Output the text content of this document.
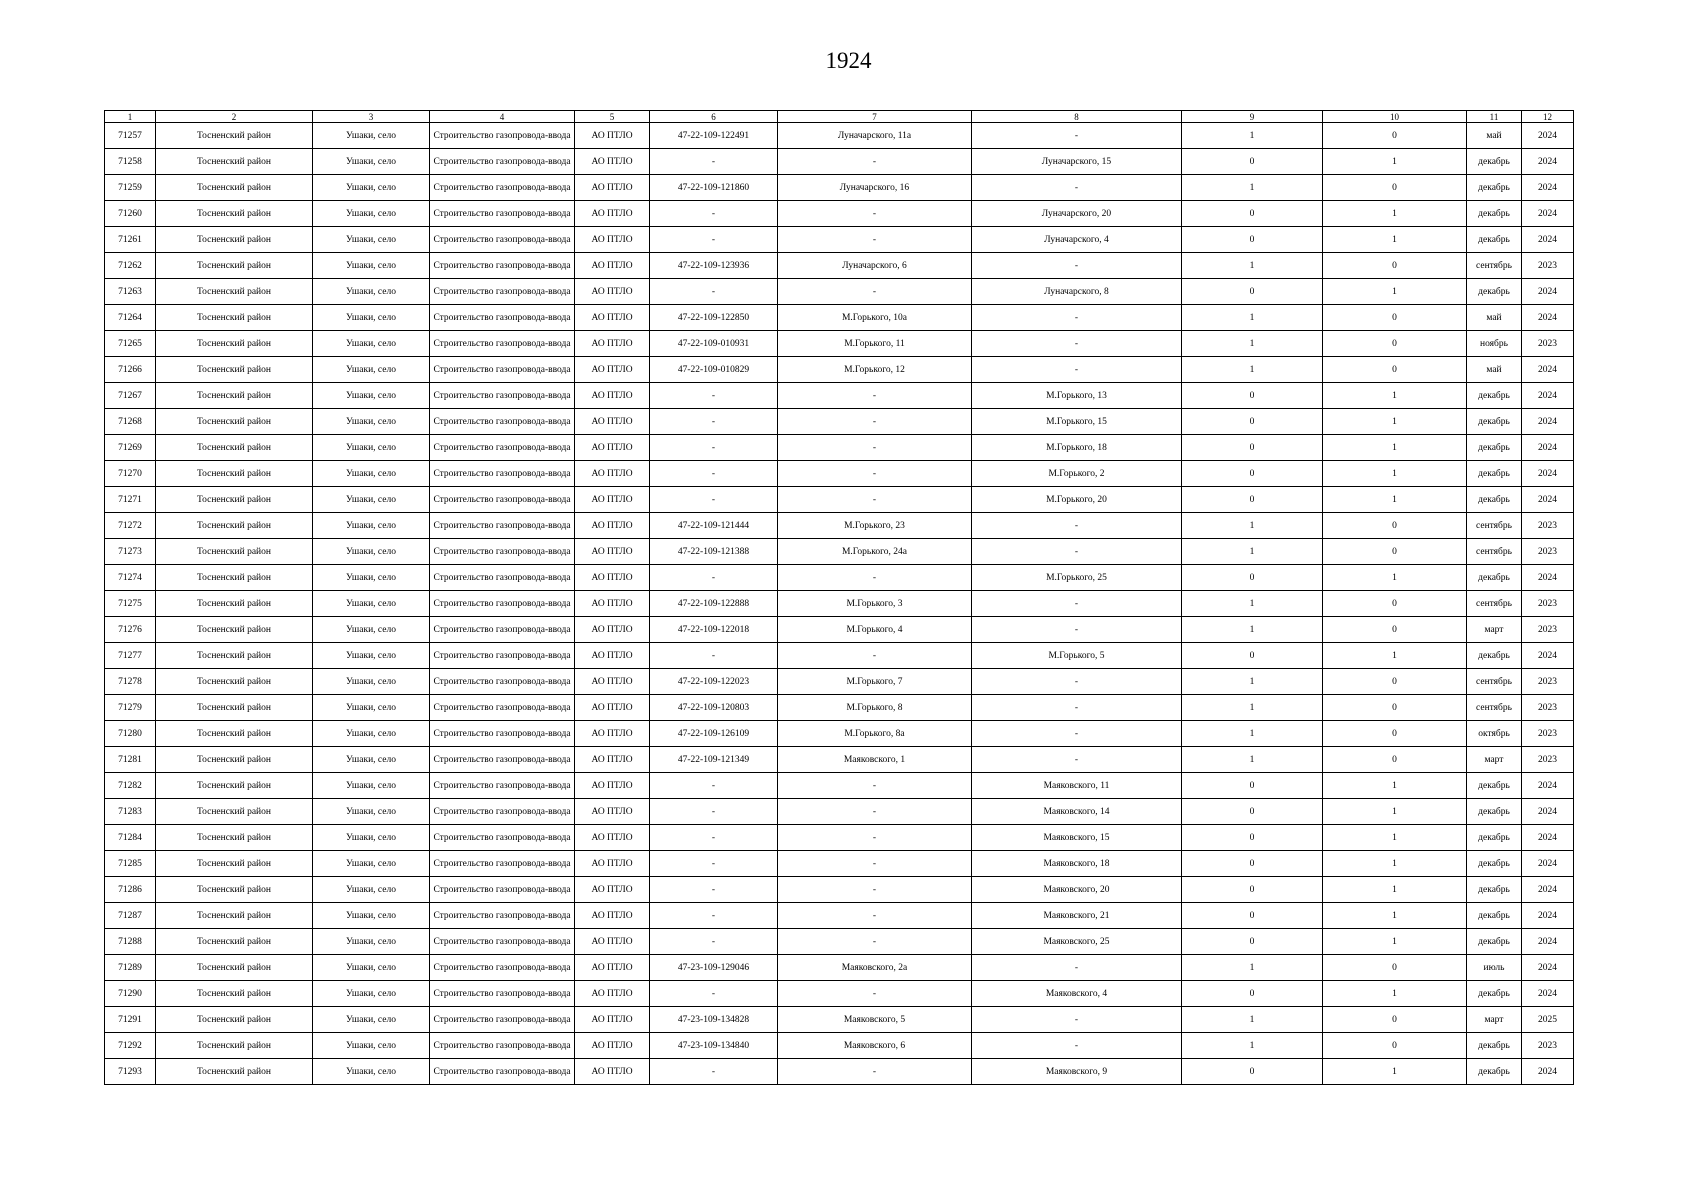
1924
1	2	3	4	5	6	7	8	9	10	11	12
71257	Тосненский район	Ушаки, село	Строительство газопровода-ввода	АО ПТЛО	47-22-109-122491	Луначарского, 11а	-	1	0	май	2024
71258	Тосненский район	Ушаки, село	Строительство газопровода-ввода	АО ПТЛО	-	-	Луначарского, 15	0	1	декабрь	2024
71259	Тосненский район	Ушаки, село	Строительство газопровода-ввода	АО ПТЛО	47-22-109-121860	Луначарского, 16	-	1	0	декабрь	2024
71260	Тосненский район	Ушаки, село	Строительство газопровода-ввода	АО ПТЛО	-	-	Луначарского, 20	0	1	декабрь	2024
71261	Тосненский район	Ушаки, село	Строительство газопровода-ввода	АО ПТЛО	-	-	Луначарского, 4	0	1	декабрь	2024
71262	Тосненский район	Ушаки, село	Строительство газопровода-ввода	АО ПТЛО	47-22-109-123936	Луначарского, 6	-	1	0	сентябрь	2023
71263	Тосненский район	Ушаки, село	Строительство газопровода-ввода	АО ПТЛО	-	-	Луначарского, 8	0	1	декабрь	2024
71264	Тосненский район	Ушаки, село	Строительство газопровода-ввода	АО ПТЛО	47-22-109-122850	М.Горького, 10а	-	1	0	май	2024
71265	Тосненский район	Ушаки, село	Строительство газопровода-ввода	АО ПТЛО	47-22-109-010931	М.Горького, 11	-	1	0	ноябрь	2023
71266	Тосненский район	Ушаки, село	Строительство газопровода-ввода	АО ПТЛО	47-22-109-010829	М.Горького, 12	-	1	0	май	2024
71267	Тосненский район	Ушаки, село	Строительство газопровода-ввода	АО ПТЛО	-	-	М.Горького, 13	0	1	декабрь	2024
71268	Тосненский район	Ушаки, село	Строительство газопровода-ввода	АО ПТЛО	-	-	М.Горького, 15	0	1	декабрь	2024
71269	Тосненский район	Ушаки, село	Строительство газопровода-ввода	АО ПТЛО	-	-	М.Горького, 18	0	1	декабрь	2024
71270	Тосненский район	Ушаки, село	Строительство газопровода-ввода	АО ПТЛО	-	-	М.Горького, 2	0	1	декабрь	2024
71271	Тосненский район	Ушаки, село	Строительство газопровода-ввода	АО ПТЛО	-	-	М.Горького, 20	0	1	декабрь	2024
71272	Тосненский район	Ушаки, село	Строительство газопровода-ввода	АО ПТЛО	47-22-109-121444	М.Горького, 23	-	1	0	сентябрь	2023
71273	Тосненский район	Ушаки, село	Строительство газопровода-ввода	АО ПТЛО	47-22-109-121388	М.Горького, 24а	-	1	0	сентябрь	2023
71274	Тосненский район	Ушаки, село	Строительство газопровода-ввода	АО ПТЛО	-	-	М.Горького, 25	0	1	декабрь	2024
71275	Тосненский район	Ушаки, село	Строительство газопровода-ввода	АО ПТЛО	47-22-109-122888	М.Горького, 3	-	1	0	сентябрь	2023
71276	Тосненский район	Ушаки, село	Строительство газопровода-ввода	АО ПТЛО	47-22-109-122018	М.Горького, 4	-	1	0	март	2023
71277	Тосненский район	Ушаки, село	Строительство газопровода-ввода	АО ПТЛО	-	-	М.Горького, 5	0	1	декабрь	2024
71278	Тосненский район	Ушаки, село	Строительство газопровода-ввода	АО ПТЛО	47-22-109-122023	М.Горького, 7	-	1	0	сентябрь	2023
71279	Тосненский район	Ушаки, село	Строительство газопровода-ввода	АО ПТЛО	47-22-109-120803	М.Горького, 8	-	1	0	сентябрь	2023
71280	Тосненский район	Ушаки, село	Строительство газопровода-ввода	АО ПТЛО	47-22-109-126109	М.Горького, 8а	-	1	0	октябрь	2023
71281	Тосненский район	Ушаки, село	Строительство газопровода-ввода	АО ПТЛО	47-22-109-121349	Маяковского, 1	-	1	0	март	2023
71282	Тосненский район	Ушаки, село	Строительство газопровода-ввода	АО ПТЛО	-	-	Маяковского, 11	0	1	декабрь	2024
71283	Тосненский район	Ушаки, село	Строительство газопровода-ввода	АО ПТЛО	-	-	Маяковского, 14	0	1	декабрь	2024
71284	Тосненский район	Ушаки, село	Строительство газопровода-ввода	АО ПТЛО	-	-	Маяковского, 15	0	1	декабрь	2024
71285	Тосненский район	Ушаки, село	Строительство газопровода-ввода	АО ПТЛО	-	-	Маяковского, 18	0	1	декабрь	2024
71286	Тосненский район	Ушаки, село	Строительство газопровода-ввода	АО ПТЛО	-	-	Маяковского, 20	0	1	декабрь	2024
71287	Тосненский район	Ушаки, село	Строительство газопровода-ввода	АО ПТЛО	-	-	Маяковского, 21	0	1	декабрь	2024
71288	Тосненский район	Ушаки, село	Строительство газопровода-ввода	АО ПТЛО	-	-	Маяковского, 25	0	1	декабрь	2024
71289	Тосненский район	Ушаки, село	Строительство газопровода-ввода	АО ПТЛО	47-23-109-129046	Маяковского, 2а	-	1	0	июль	2024
71290	Тосненский район	Ушаки, село	Строительство газопровода-ввода	АО ПТЛО	-	-	Маяковского, 4	0	1	декабрь	2024
71291	Тосненский район	Ушаки, село	Строительство газопровода-ввода	АО ПТЛО	47-23-109-134828	Маяковского, 5	-	1	0	март	2025
71292	Тосненский район	Ушаки, село	Строительство газопровода-ввода	АО ПТЛО	47-23-109-134840	Маяковского, 6	-	1	0	декабрь	2023
71293	Тосненский район	Ушаки, село	Строительство газопровода-ввода	АО ПТЛО	-	-	Маяковского, 9	0	1	декабрь	2024
